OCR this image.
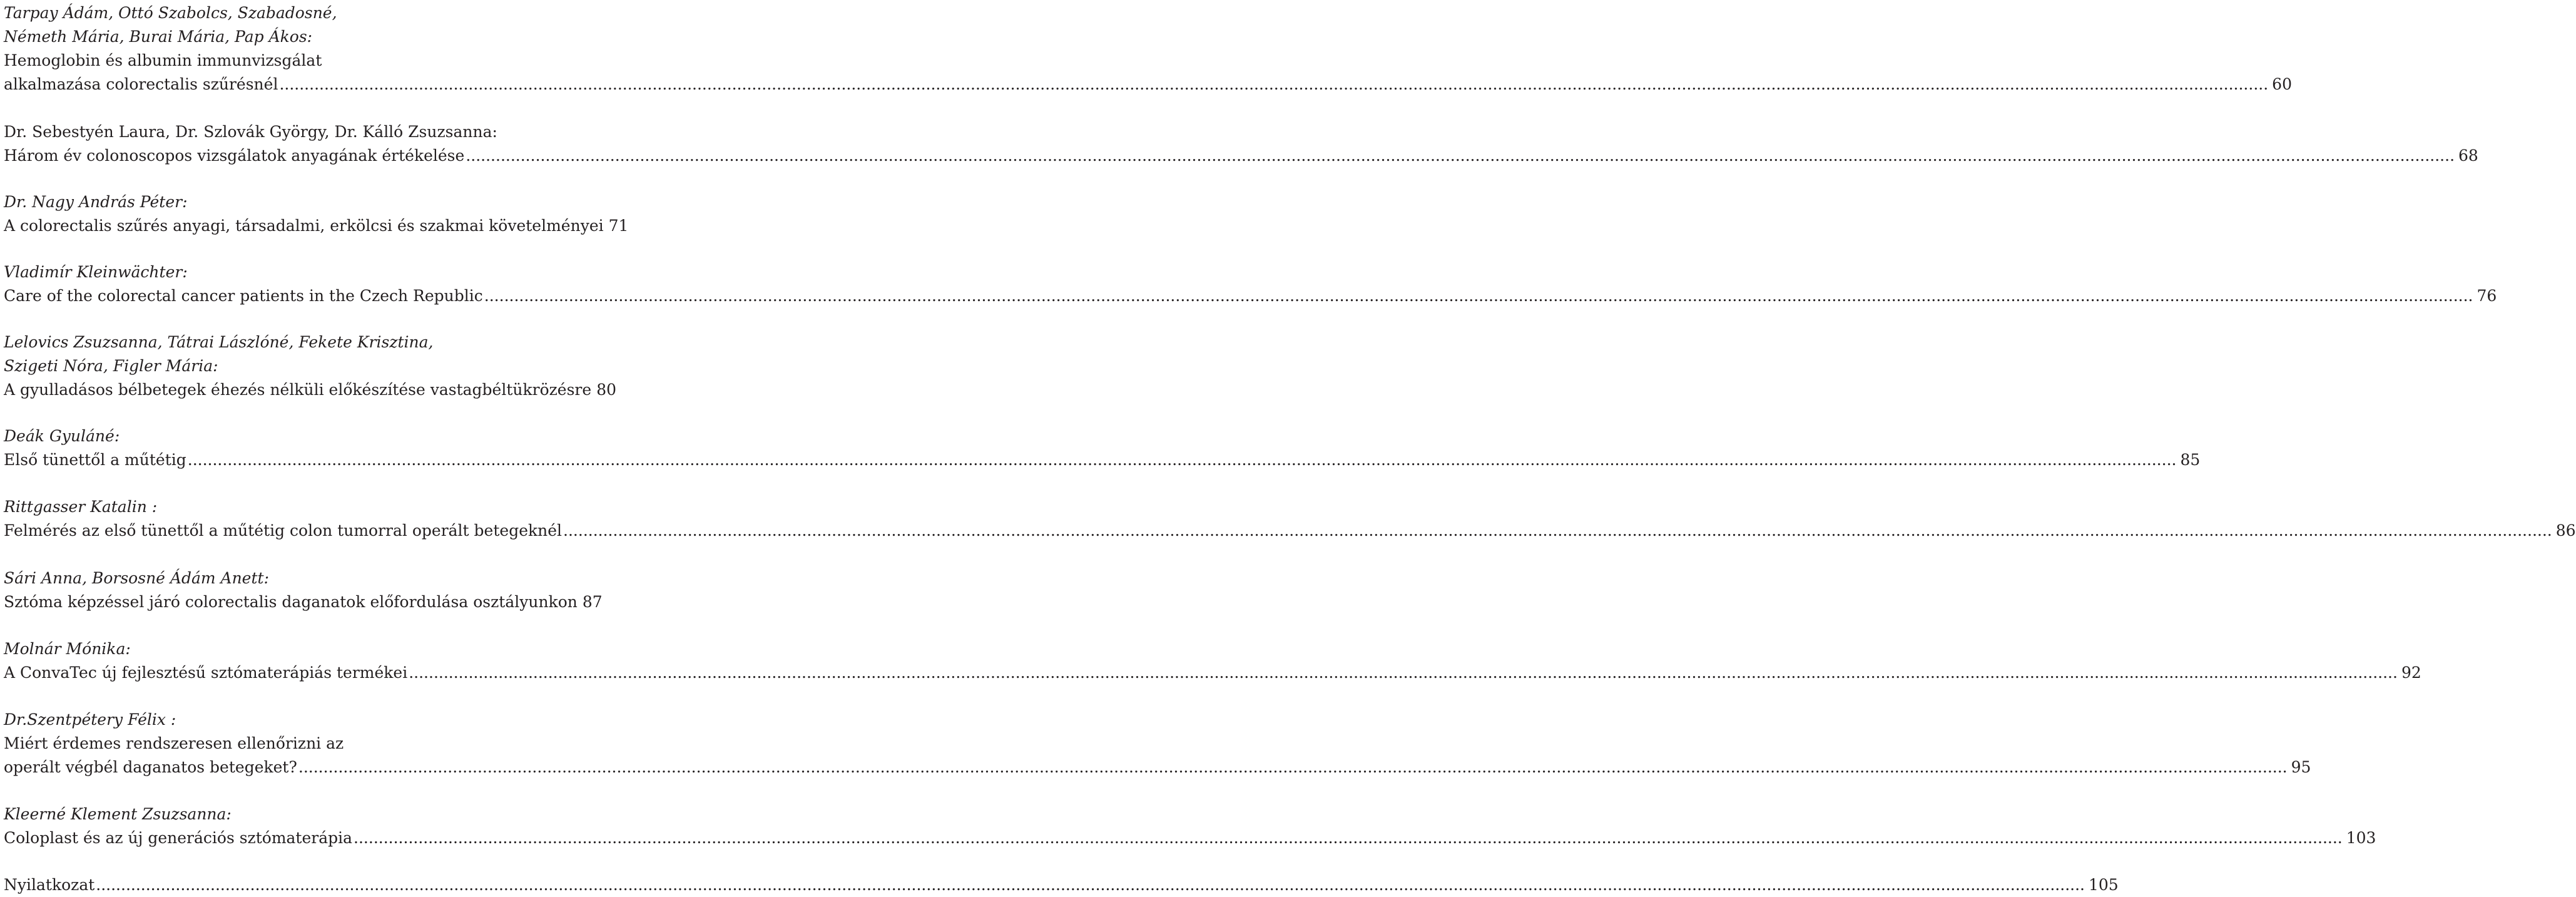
Tarpay Ádám, Ottó Szabolcs, Szabadosné,
Németh Mária, Burai Mária, Pap Ákos:
Hemoglobin és albumin immunvizsgálat
alkalmazása colorectalis szűrésnél ................................................................................................................................................................................................................................................................................................................................................................................................................ 60
Dr. Sebestyén Laura, Dr. Szlovák György, Dr. Kálló Zsuzsanna:
Három év colonoscopos vizsgálatok anyagának értékelése ................................................................................................................................................................................................................................................................................................................................................................................................................ 68
Dr. Nagy András Péter:
A colorectalis szűrés anyagi, társadalmi, erkölcsi és szakmai követelményei 71
Vladimír Kleinwächter:
Care of the colorectal cancer patients in the Czech Republic ................................................................................................................................................................................................................................................................................................................................................................................................................ 76
Lelovics Zsuzsanna, Tátrai Lászlóné, Fekete Krisztina,
Szigeti Nóra, Figler Mária:
A gyulladásos bélbetegek éhezés nélküli előkészítése vastagbéltükrözésre 80
Deák Gyuláné:
Első tünettől a műtétig ................................................................................................................................................................................................................................................................................................................................................................................................................ 85
Rittgasser Katalin :
Felmérés az első tünettől a műtétig colon tumorral operált betegeknél ................................................................................................................................................................................................................................................................................................................................................................................................................ 86
Sári Anna, Borsosné Ádám Anett:
Sztóma képzéssel járó colorectalis daganatok előfordulása osztályunkon 87
Molnár Mónika:
A ConvaTec új fejlesztésű sztómaterápiás termékei ................................................................................................................................................................................................................................................................................................................................................................................................................ 92
Dr.Szentpétery Félix :
Miért érdemes rendszeresen ellenőrizni az
operált végbél daganatos betegeket? ................................................................................................................................................................................................................................................................................................................................................................................................................ 95
Kleerné Klement Zsuzsanna:
Coloplast és az új generációs sztómaterápia ................................................................................................................................................................................................................................................................................................................................................................................................................ 103
Nyilatkozat ................................................................................................................................................................................................................................................................................................................................................................................................................ 105
